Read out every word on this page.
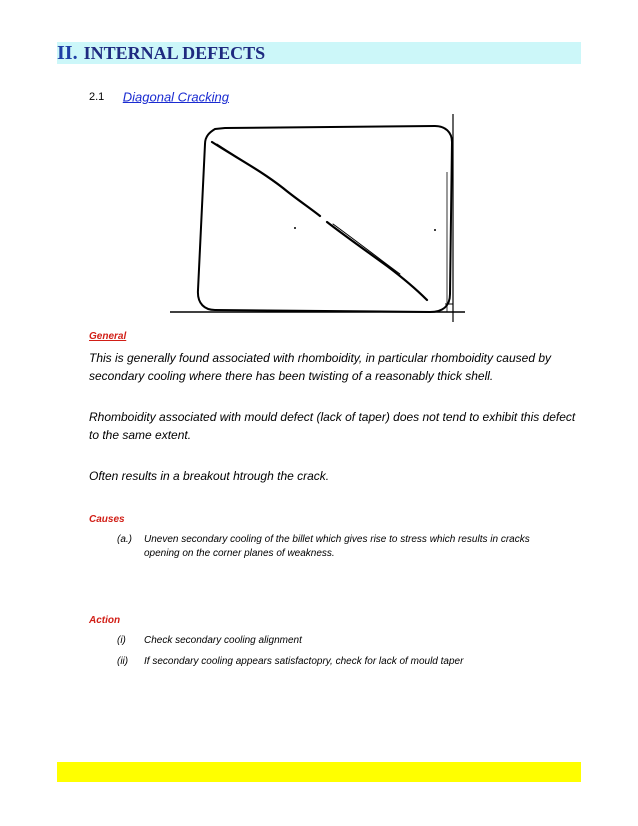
II. INTERNAL DEFECTS
2.1 Diagonal Cracking
General
This is generally found associated with rhomboidity, in particular rhomboidity caused by secondary cooling where there has been twisting of a reasonably thick shell.
Rhomboidity associated with mould defect (lack of taper) does not tend to exhibit this defect to the same extent.
Often results in a breakout htrough the crack.
Causes
(a.) Uneven secondary cooling of the billet which gives rise to stress which results in cracks opening on the corner planes of weakness.
Action
(i) Check secondary cooling alignment
(ii) If secondary cooling appears satisfactopry, check for lack of mould taper
